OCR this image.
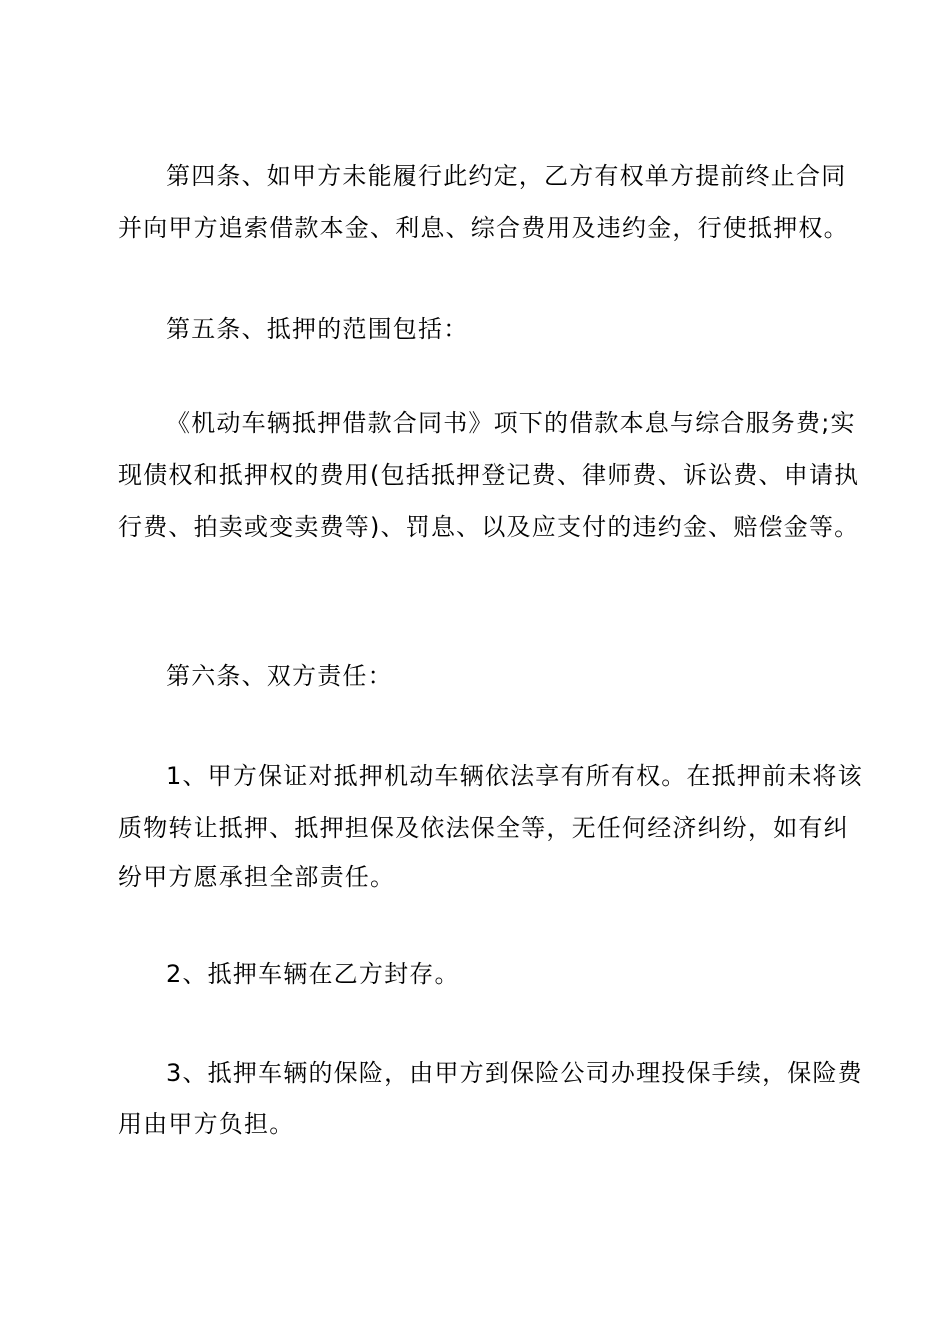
第四条、如甲方未能履行此约定，乙方有权单方提前终止合同

并向甲方追索借款本金、利息、综合费用及违约金，行使抵押权。

第五条、抵押的范围包括：

《机动车辆抵押借款合同书》项下的借款本息与综合服务费;实

现债权和抵押权的费用(包括抵押登记费、律师费、诉讼费、申请执

行费、拍卖或变卖费等)、罚息、以及应支付的违约金、赔偿金等。

第六条、双方责任：

1、甲方保证对抵押机动车辆依法享有所有权。在抵押前未将该

质物转让抵押、抵押担保及依法保全等，无任何经济纠纷，如有纠

纷甲方愿承担全部责任。

2、抵押车辆在乙方封存。

3、抵押车辆的保险，由甲方到保险公司办理投保手续，保险费

用由甲方负担。
